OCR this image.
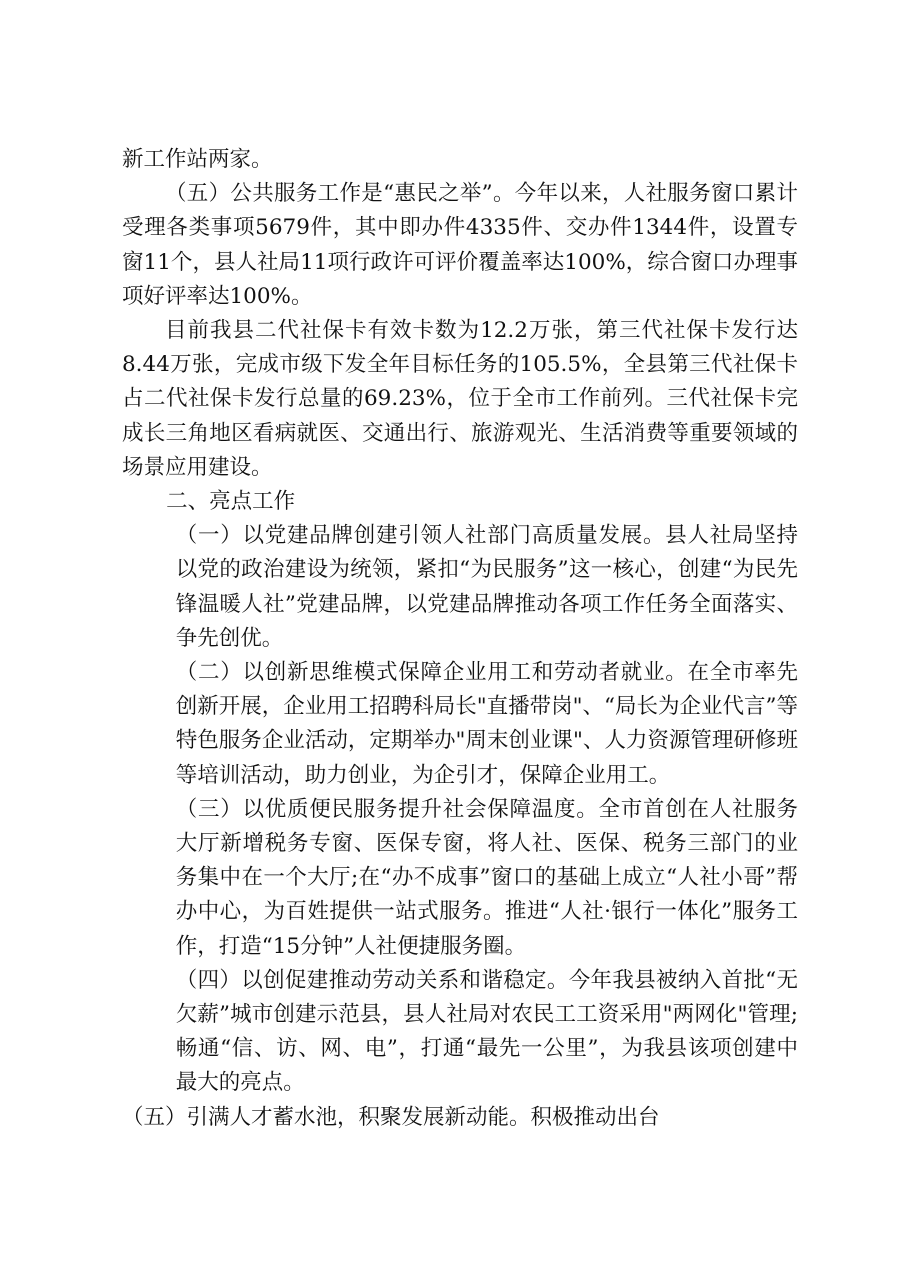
新工作站两家。

（五）公共服务工作是“惠民之举”。今年以来，人社服务窗口累计受理各类事项5679件，其中即办件4335件、交办件1344件，设置专窗11个，县人社局11项行政许可评价覆盖率达100%，综合窗口办理事项好评率达100%。

目前我县二代社保卡有效卡数为12.2万张，第三代社保卡发行达8.44万张，完成市级下发全年目标任务的105.5%，全县第三代社保卡占二代社保卡发行总量的69.23%，位于全市工作前列。三代社保卡完成长三角地区看病就医、交通出行、旅游观光、生活消费等重要领域的场景应用建设。

二、亮点工作

（一）以党建品牌创建引领人社部门高质量发展。县人社局坚持以党的政治建设为统领，紧扣“为民服务”这一核心，创建“为民先锋温暖人社”党建品牌，以党建品牌推动各项工作任务全面落实、争先创优。

（二）以创新思维模式保障企业用工和劳动者就业。在全市率先创新开展，企业用工招聘科局长"直播带岗"、“局长为企业代言”等特色服务企业活动，定期举办"周末创业课"、人力资源管理研修班等培训活动，助力创业，为企引才，保障企业用工。

（三）以优质便民服务提升社会保障温度。全市首创在人社服务大厅新增税务专窗、医保专窗，将人社、医保、税务三部门的业务集中在一个大厅;在“办不成事”窗口的基础上成立“人社小哥”帮办中心，为百姓提供一站式服务。推进“人社·银行一体化”服务工作，打造“15分钟”人社便捷服务圈。

（四）以创促建推动劳动关系和谐稳定。今年我县被纳入首批“无欠薪”城市创建示范县，县人社局对农民工工资采用"两网化"管理;畅通“信、访、网、电”，打通“最先一公里”，为我县该项创建中最大的亮点。

（五）引满人才蓄水池，积聚发展新动能。积极推动出台
